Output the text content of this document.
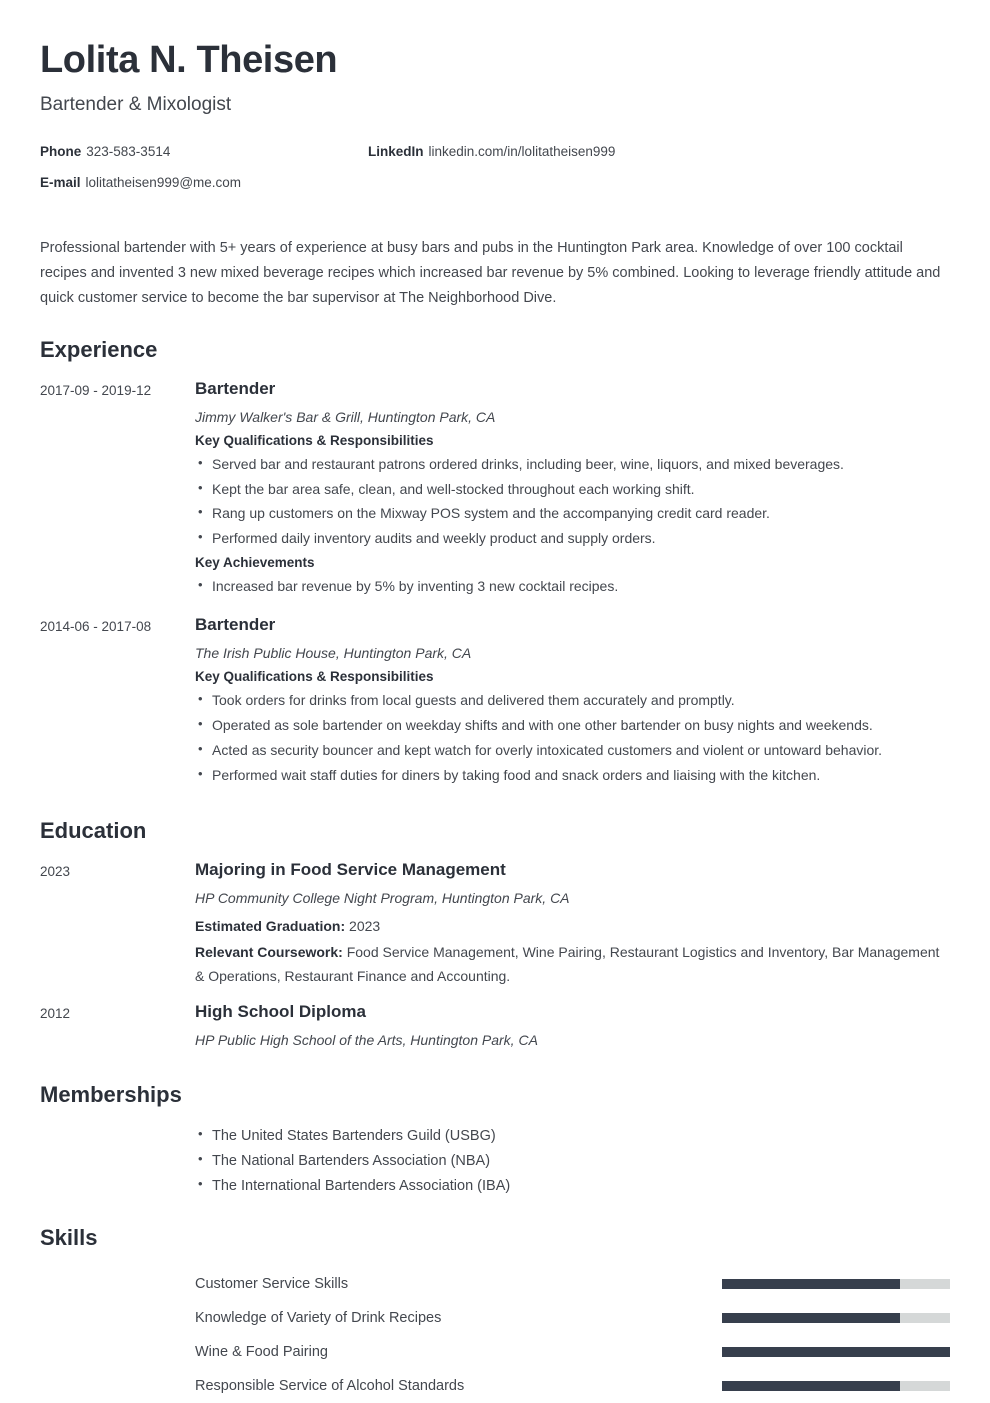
Lolita N. Theisen
Bartender & Mixologist
Phone 323-583-3514	LinkedIn linkedin.com/in/lolitatheisen999
E-mail lolitatheisen999@me.com

Professional bartender with 5+ years of experience at busy bars and pubs in the Huntington Park area. Knowledge of over 100 cocktail recipes and invented 3 new mixed beverage recipes which increased bar revenue by 5% combined. Looking to leverage friendly attitude and quick customer service to become the bar supervisor at The Neighborhood Dive.

Experience
2017-09 - 2019-12	Bartender
Jimmy Walker's Bar & Grill, Huntington Park, CA
Key Qualifications & Responsibilities
• Served bar and restaurant patrons ordered drinks, including beer, wine, liquors, and mixed beverages.
• Kept the bar area safe, clean, and well-stocked throughout each working shift.
• Rang up customers on the Mixway POS system and the accompanying credit card reader.
• Performed daily inventory audits and weekly product and supply orders.
Key Achievements
• Increased bar revenue by 5% by inventing 3 new cocktail recipes.
2014-06 - 2017-08	Bartender
The Irish Public House, Huntington Park, CA
Key Qualifications & Responsibilities
• Took orders for drinks from local guests and delivered them accurately and promptly.
• Operated as sole bartender on weekday shifts and with one other bartender on busy nights and weekends.
• Acted as security bouncer and kept watch for overly intoxicated customers and violent or untoward behavior.
• Performed wait staff duties for diners by taking food and snack orders and liaising with the kitchen.
Education
2023	Majoring in Food Service Management
HP Community College Night Program, Huntington Park, CA
Estimated Graduation: 2023
Relevant Coursework: Food Service Management, Wine Pairing, Restaurant Logistics and Inventory, Bar Management & Operations, Restaurant Finance and Accounting.
2012	High School Diploma
HP Public High School of the Arts, Huntington Park, CA
Memberships
• The United States Bartenders Guild (USBG)
• The National Bartenders Association (NBA)
• The International Bartenders Association (IBA)
Skills
Customer Service Skills
Knowledge of Variety of Drink Recipes
Wine & Food Pairing
Responsible Service of Alcohol Standards
